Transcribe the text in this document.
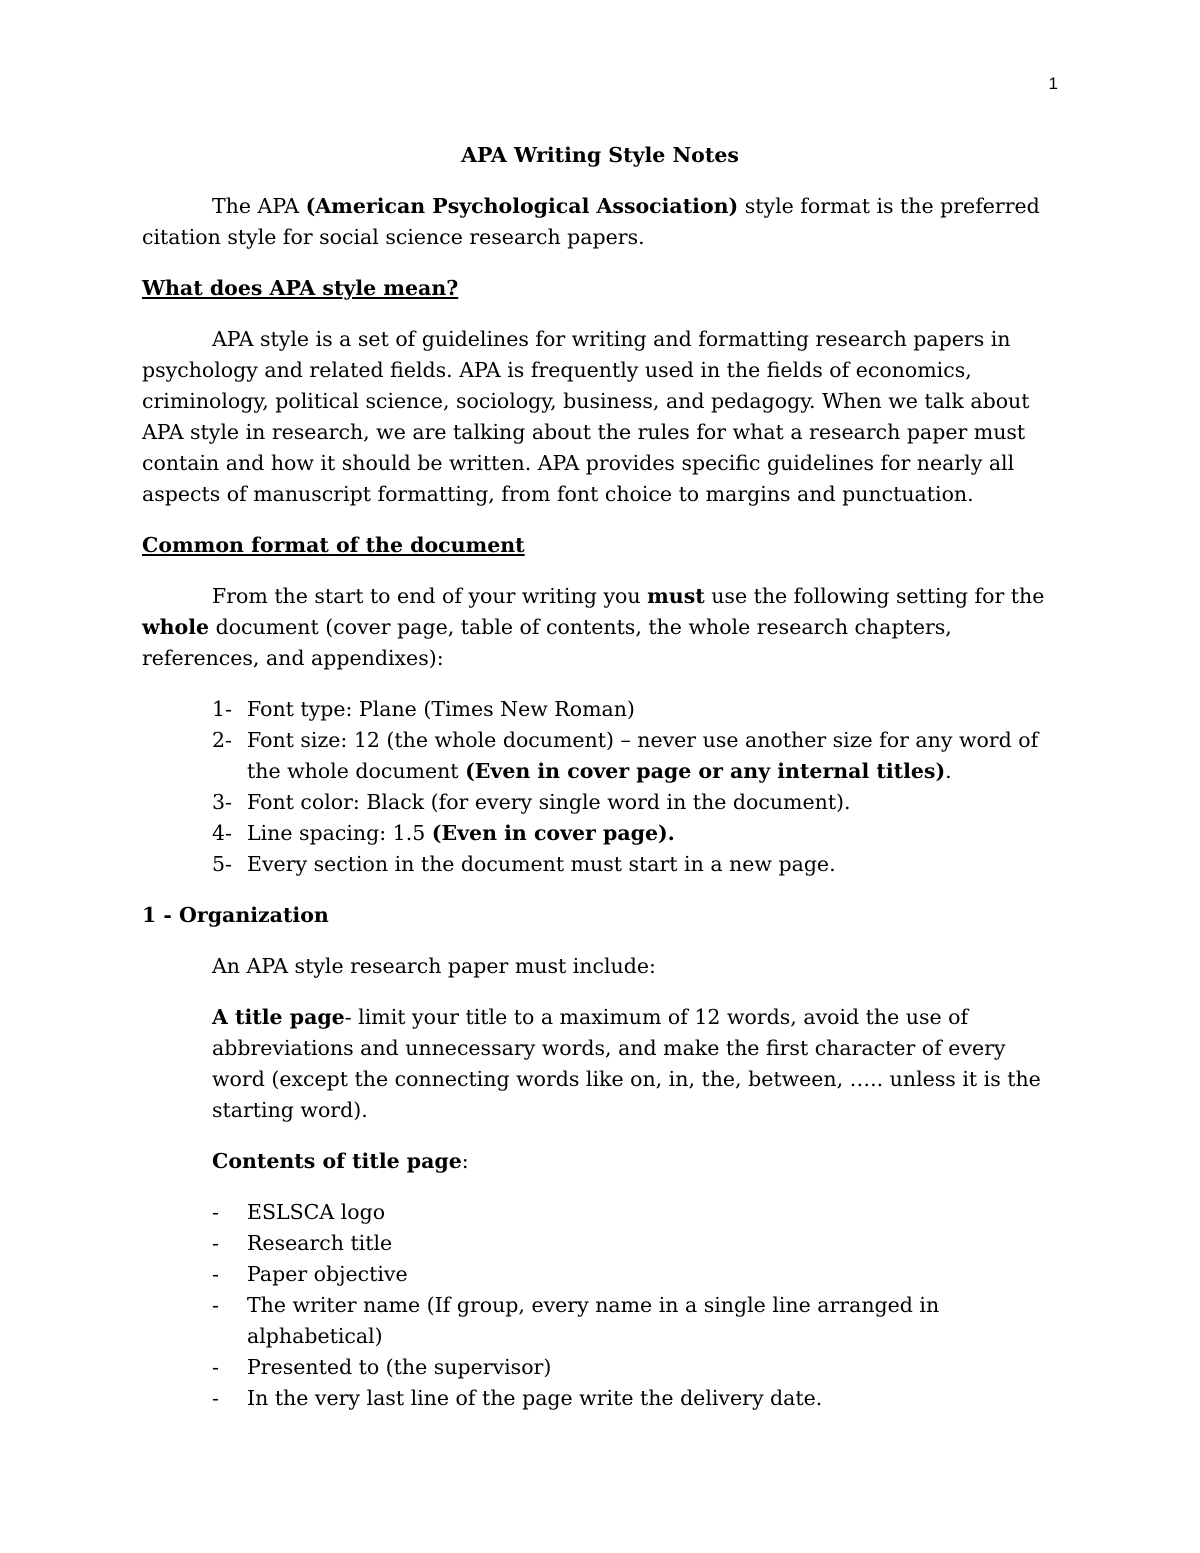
1
APA Writing Style Notes

The APA (American Psychological Association) style format is the preferred citation style for social science research papers.

What does APA style mean?

APA style is a set of guidelines for writing and formatting research papers in psychology and related fields. APA is frequently used in the fields of economics, criminology, political science, sociology, business, and pedagogy. When we talk about APA style in research, we are talking about the rules for what a research paper must contain and how it should be written. APA provides specific guidelines for nearly all aspects of manuscript formatting, from font choice to margins and punctuation.

Common format of the document

From the start to end of your writing you must use the following setting for the whole document (cover page, table of contents, the whole research chapters, references, and appendixes):

1- Font type: Plane (Times New Roman)
2- Font size: 12 (the whole document) – never use another size for any word of the whole document (Even in cover page or any internal titles).
3- Font color: Black (for every single word in the document).
4- Line spacing: 1.5 (Even in cover page).
5- Every section in the document must start in a new page.
1 - Organization

An APA style research paper must include:

A title page- limit your title to a maximum of 12 words, avoid the use of abbreviations and unnecessary words, and make the first character of every word (except the connecting words like on, in, the, between, ….. unless it is the starting word).

Contents of title page:

- ESLSCA logo
- Research title
- Paper objective
- The writer name (If group, every name in a single line arranged in alphabetical)
- Presented to (the supervisor)
- In the very last line of the page write the delivery date.
